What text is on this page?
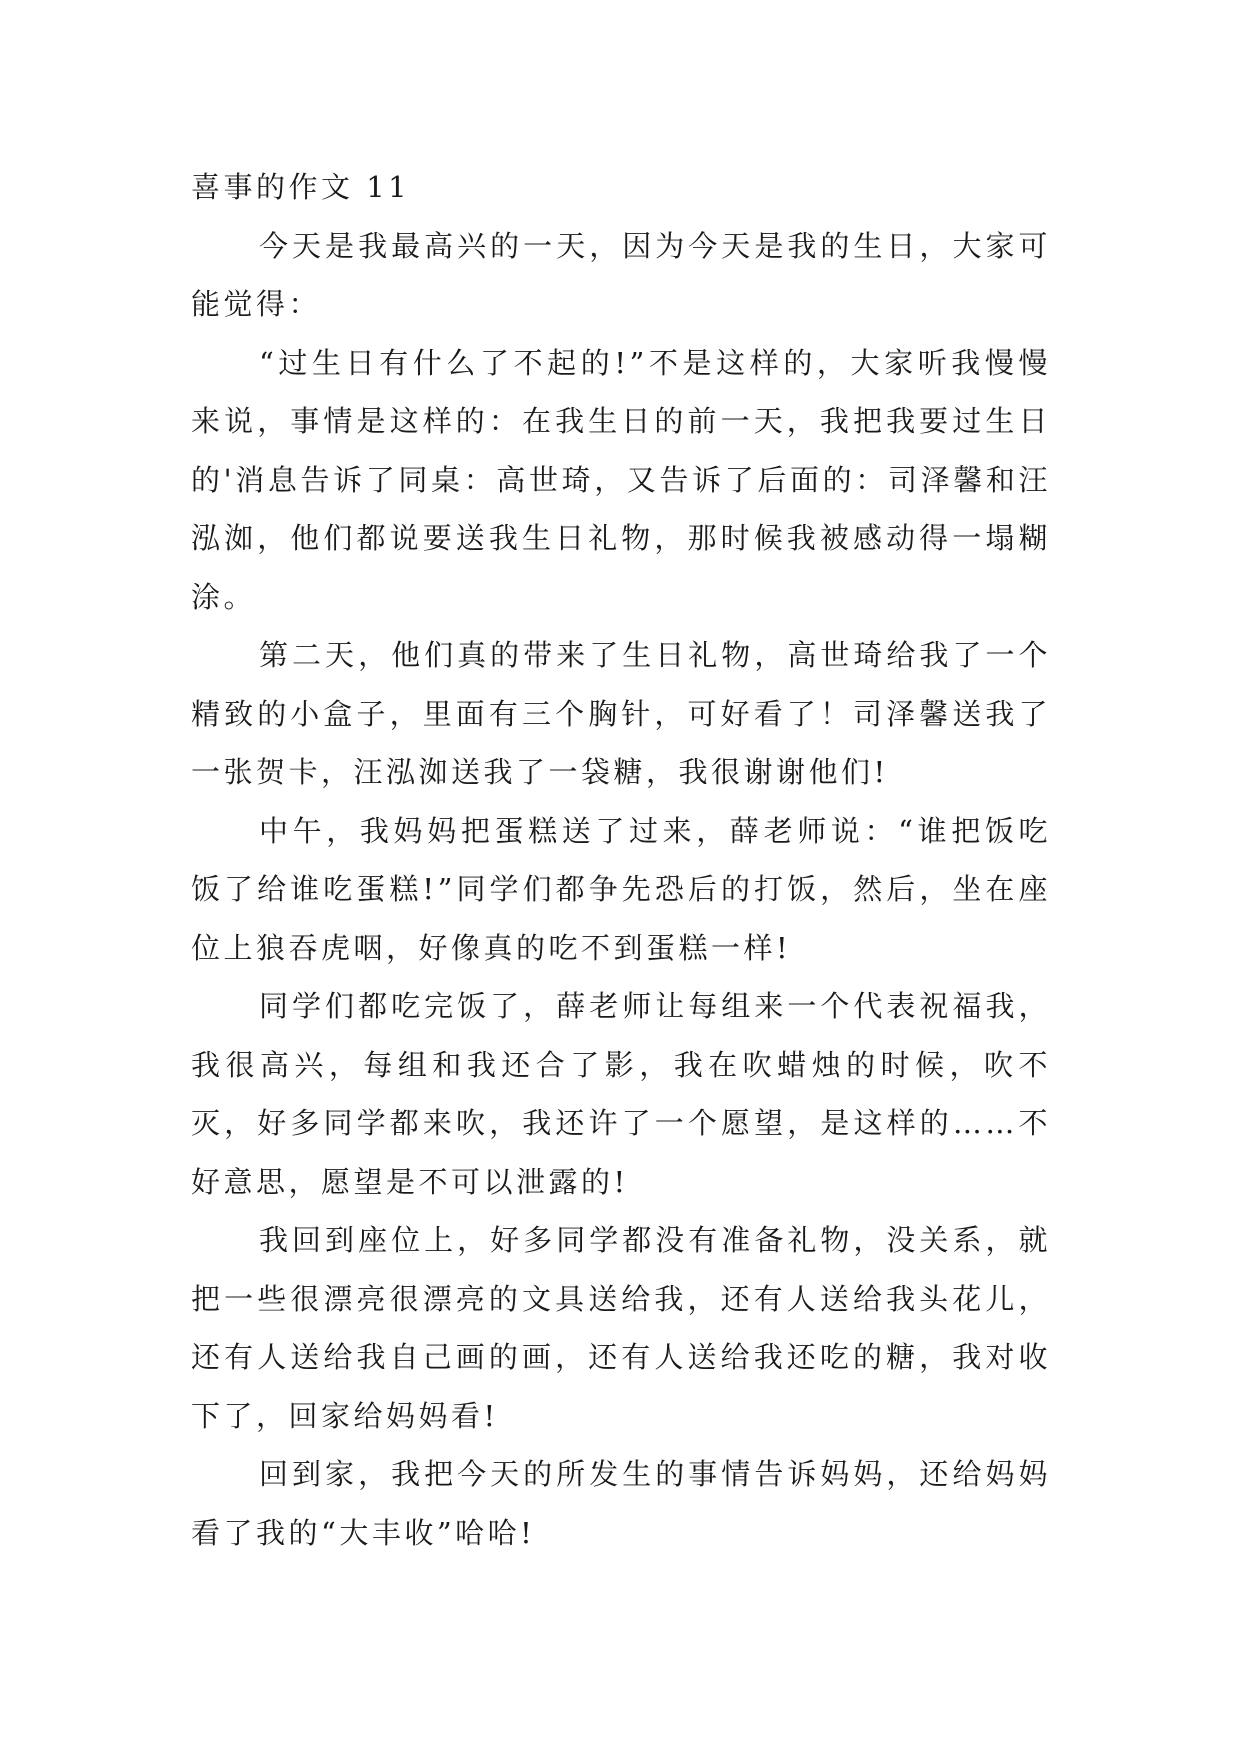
喜事的作文 11

今天是我最高兴的一天，因为今天是我的生日，大家可能觉得：

“过生日有什么了不起的!”不是这样的，大家听我慢慢来说，事情是这样的：在我生日的前一天，我把我要过生日的'消息告诉了同桌：高世琦，又告诉了后面的：司泽馨和汪泓洳，他们都说要送我生日礼物，那时候我被感动得一塌糊涂。

第二天，他们真的带来了生日礼物，高世琦给我了一个精致的小盒子，里面有三个胸针，可好看了！司泽馨送我了一张贺卡，汪泓洳送我了一袋糖，我很谢谢他们!

中午，我妈妈把蛋糕送了过来，薛老师说：“谁把饭吃饭了给谁吃蛋糕!”同学们都争先恐后的打饭，然后，坐在座位上狼吞虎咽，好像真的吃不到蛋糕一样!

同学们都吃完饭了，薛老师让每组来一个代表祝福我，我很高兴，每组和我还合了影，我在吹蜡烛的时候，吹不灭，好多同学都来吹，我还许了一个愿望，是这样的……不好意思，愿望是不可以泄露的!

我回到座位上，好多同学都没有准备礼物，没关系，就把一些很漂亮很漂亮的文具送给我，还有人送给我头花儿，还有人送给我自己画的画，还有人送给我还吃的糖，我对收下了，回家给妈妈看!

回到家，我把今天的所发生的事情告诉妈妈，还给妈妈看了我的“大丰收”哈哈!
